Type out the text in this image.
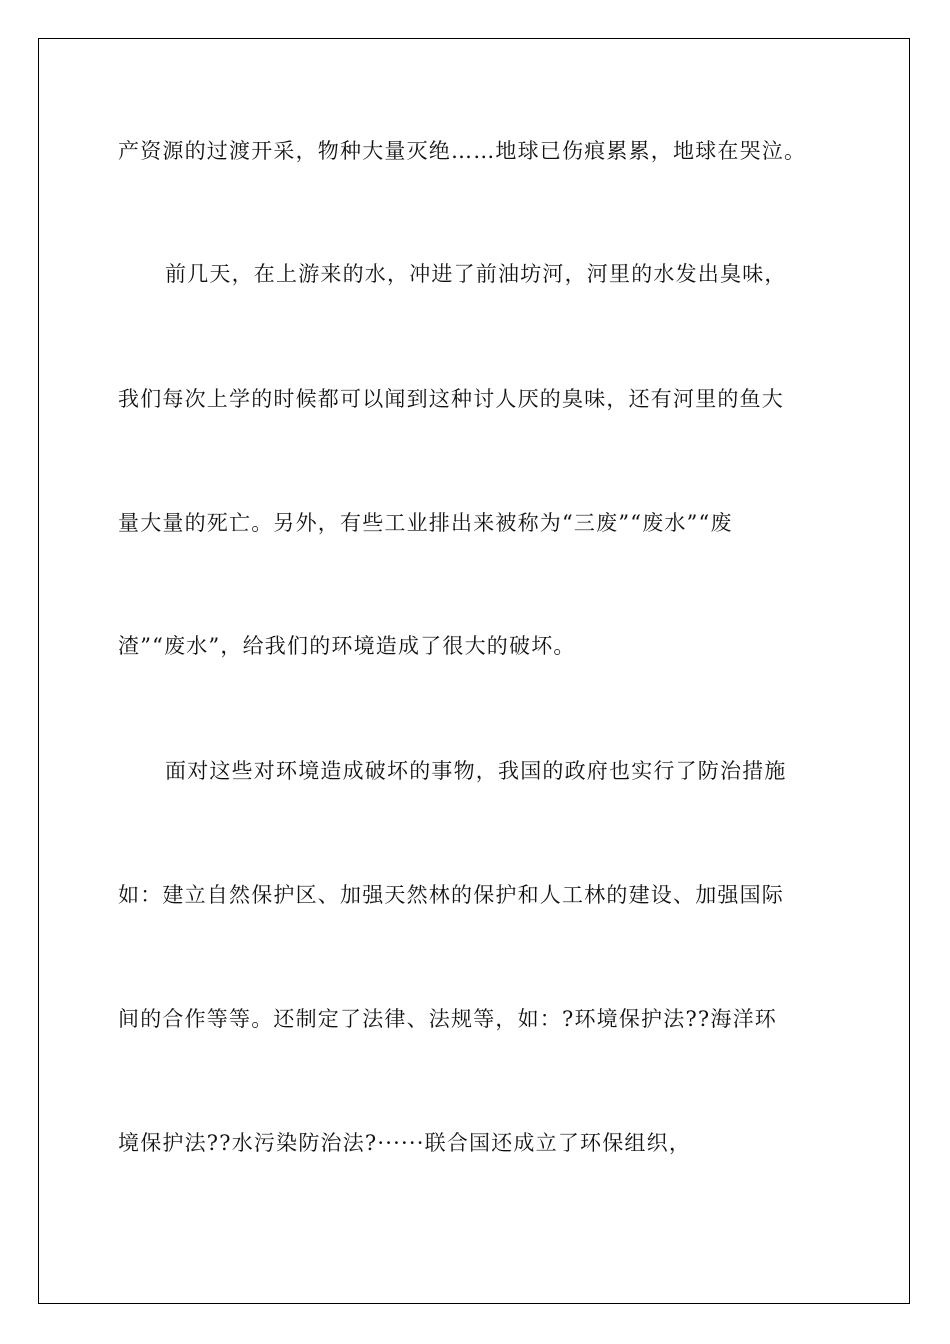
产资源的过渡开采，物种大量灭绝……地球已伤痕累累，地球在哭泣。
前几天，在上游来的水，冲进了前油坊河，河里的水发出臭味，
我们每次上学的时候都可以闻到这种讨人厌的臭味，还有河里的鱼大
量大量的死亡。另外，有些工业排出来被称为“三废”“废水”“废
渣”“废水”，给我们的环境造成了很大的破坏。
面对这些对环境造成破坏的事物，我国的政府也实行了防治措施
如：建立自然保护区、加强天然林的保护和人工林的建设、加强国际
间的合作等等。还制定了法律、法规等，如：?环境保护法??海洋环
境保护法??水污染防治法?······联合国还成立了环保组织，
